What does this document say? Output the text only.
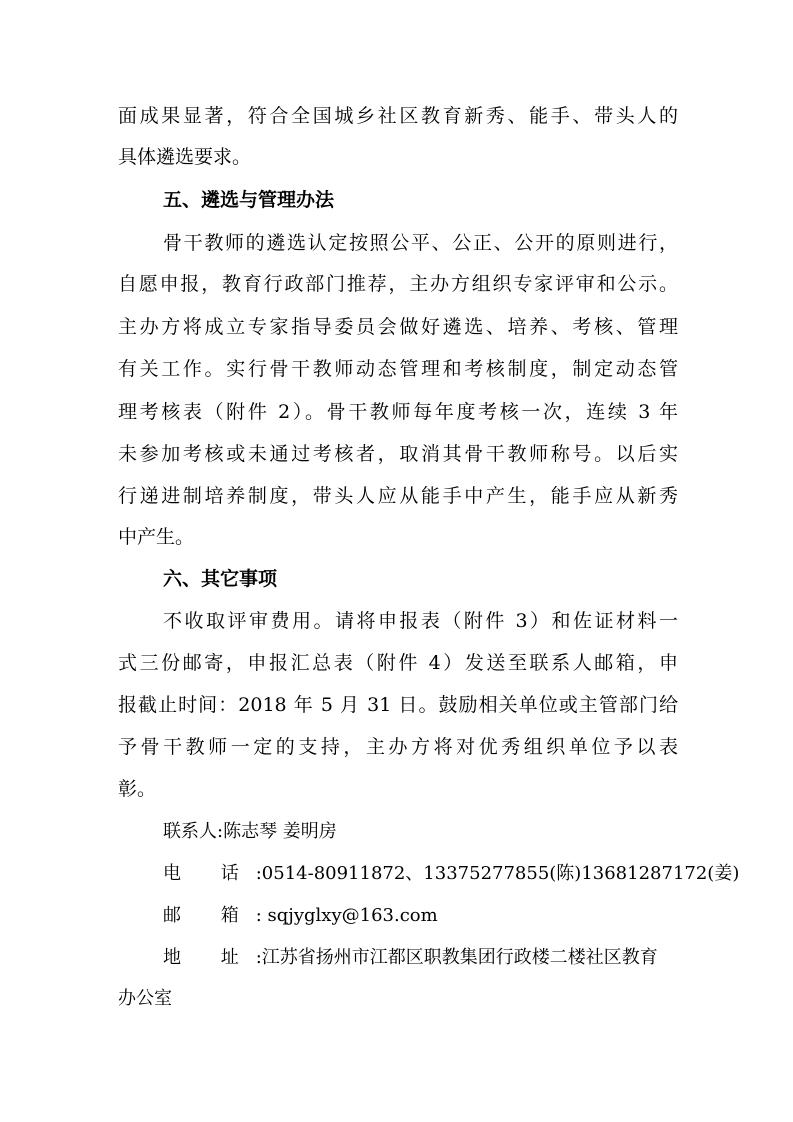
面成果显著，符合全国城乡社区教育新秀、能手、带头人的
具体遴选要求。
五、遴选与管理办法
骨干教师的遴选认定按照公平、公正、公开的原则进行，
自愿申报，教育行政部门推荐，主办方组织专家评审和公示。
主办方将成立专家指导委员会做好遴选、培养、考核、管理
有关工作。实行骨干教师动态管理和考核制度，制定动态管
理考核表（附件 2）。骨干教师每年度考核一次，连续 3 年
未参加考核或未通过考核者，取消其骨干教师称号。以后实
行递进制培养制度，带头人应从能手中产生，能手应从新秀
中产生。
六、其它事项
不收取评审费用。请将申报表（附件 3）和佐证材料一
式三份邮寄，申报汇总表（附件 4）发送至联系人邮箱，申
报截止时间：2018 年 5 月 31 日。鼓励相关单位或主管部门给
予骨干教师一定的支持，主办方将对优秀组织单位予以表
彰。
联系人:陈志琴 姜明房
电 话:0514-80911872、13375277855(陈)13681287172(姜)
邮 箱: sqjyglxy@163.com
地 址:江苏省扬州市江都区职教集团行政楼二楼社区教育
办公室
